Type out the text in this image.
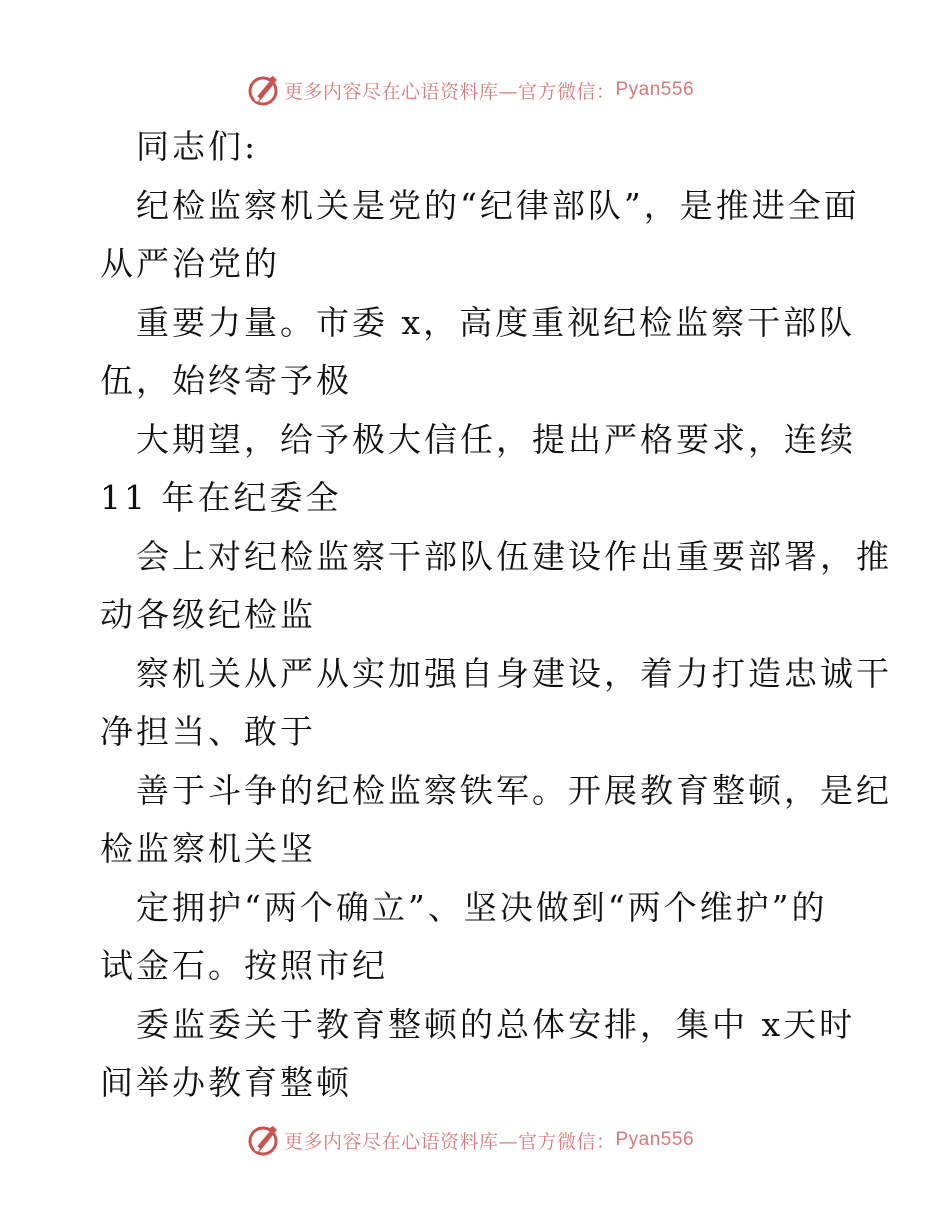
更多内容尽在心语资料库— 官方微信： Pyan556
同志们:
纪检监察机关是党的“纪律部队”，是推进全面
从严治党的
重要力量。市委 x，高度重视纪检监察干部队
伍，始终寄予极
大期望，给予极大信任，提出严格要求，连续
11 年在纪委全
会上对纪检监察干部队伍建设作出重要部署，推
动各级纪检监
察机关从严从实加强自身建设，着力打造忠诚干
净担当、敢于
善于斗争的纪检监察铁军。开展教育整顿，是纪
检监察机关坚
定拥护“两个确立”、坚决做到“两个维护”的
试金石。按照市纪
委监委关于教育整顿的总体安排，集中 x天时
间举办教育整顿
更多内容尽在心语资料库— 官方微信： Pyan556
